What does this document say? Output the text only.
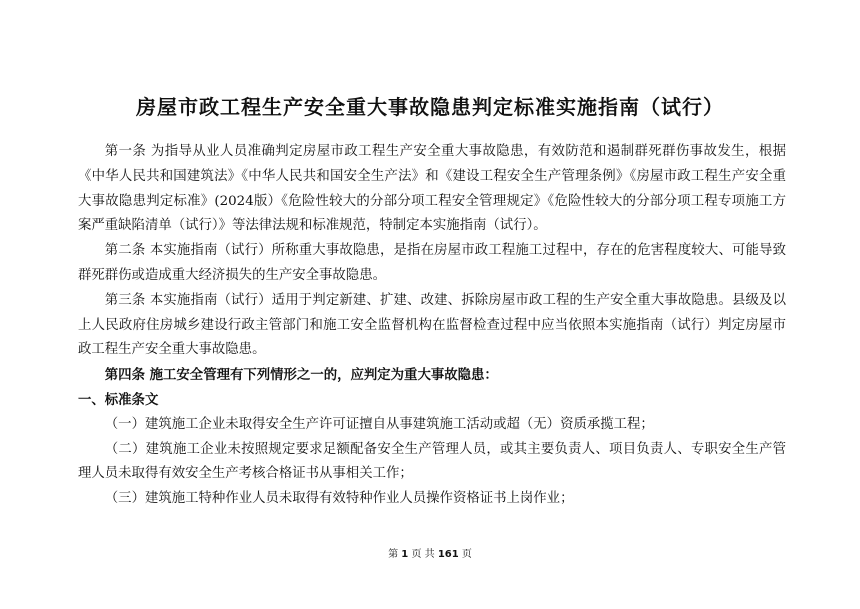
房屋市政工程生产安全重大事故隐患判定标准实施指南（试行）

第一条 为指导从业人员准确判定房屋市政工程生产安全重大事故隐患，有效防范和遏制群死群伤事故发生，根据《中华人民共和国建筑法》《中华人民共和国安全生产法》和《建设工程安全生产管理条例》《房屋市政工程生产安全重大事故隐患判定标准》(2024版）《危险性较大的分部分项工程安全管理规定》《危险性较大的分部分项工程专项施工方案严重缺陷清单（试行）》等法律法规和标准规范，特制定本实施指南（试行）。

第二条 本实施指南（试行）所称重大事故隐患，是指在房屋市政工程施工过程中，存在的危害程度较大、可能导致群死群伤或造成重大经济损失的生产安全事故隐患。

第三条 本实施指南（试行）适用于判定新建、扩建、改建、拆除房屋市政工程的生产安全重大事故隐患。县级及以上人民政府住房城乡建设行政主管部门和施工安全监督机构在监督检查过程中应当依照本实施指南（试行）判定房屋市政工程生产安全重大事故隐患。

第四条 施工安全管理有下列情形之一的，应判定为重大事故隐患：

一、标准条文

（一）建筑施工企业未取得安全生产许可证擅自从事建筑施工活动或超（无）资质承揽工程；

（二）建筑施工企业未按照规定要求足额配备安全生产管理人员，或其主要负责人、项目负责人、专职安全生产管理人员未取得有效安全生产考核合格证书从事相关工作；

（三）建筑施工特种作业人员未取得有效特种作业人员操作资格证书上岗作业；

第 1 页 共 161 页
